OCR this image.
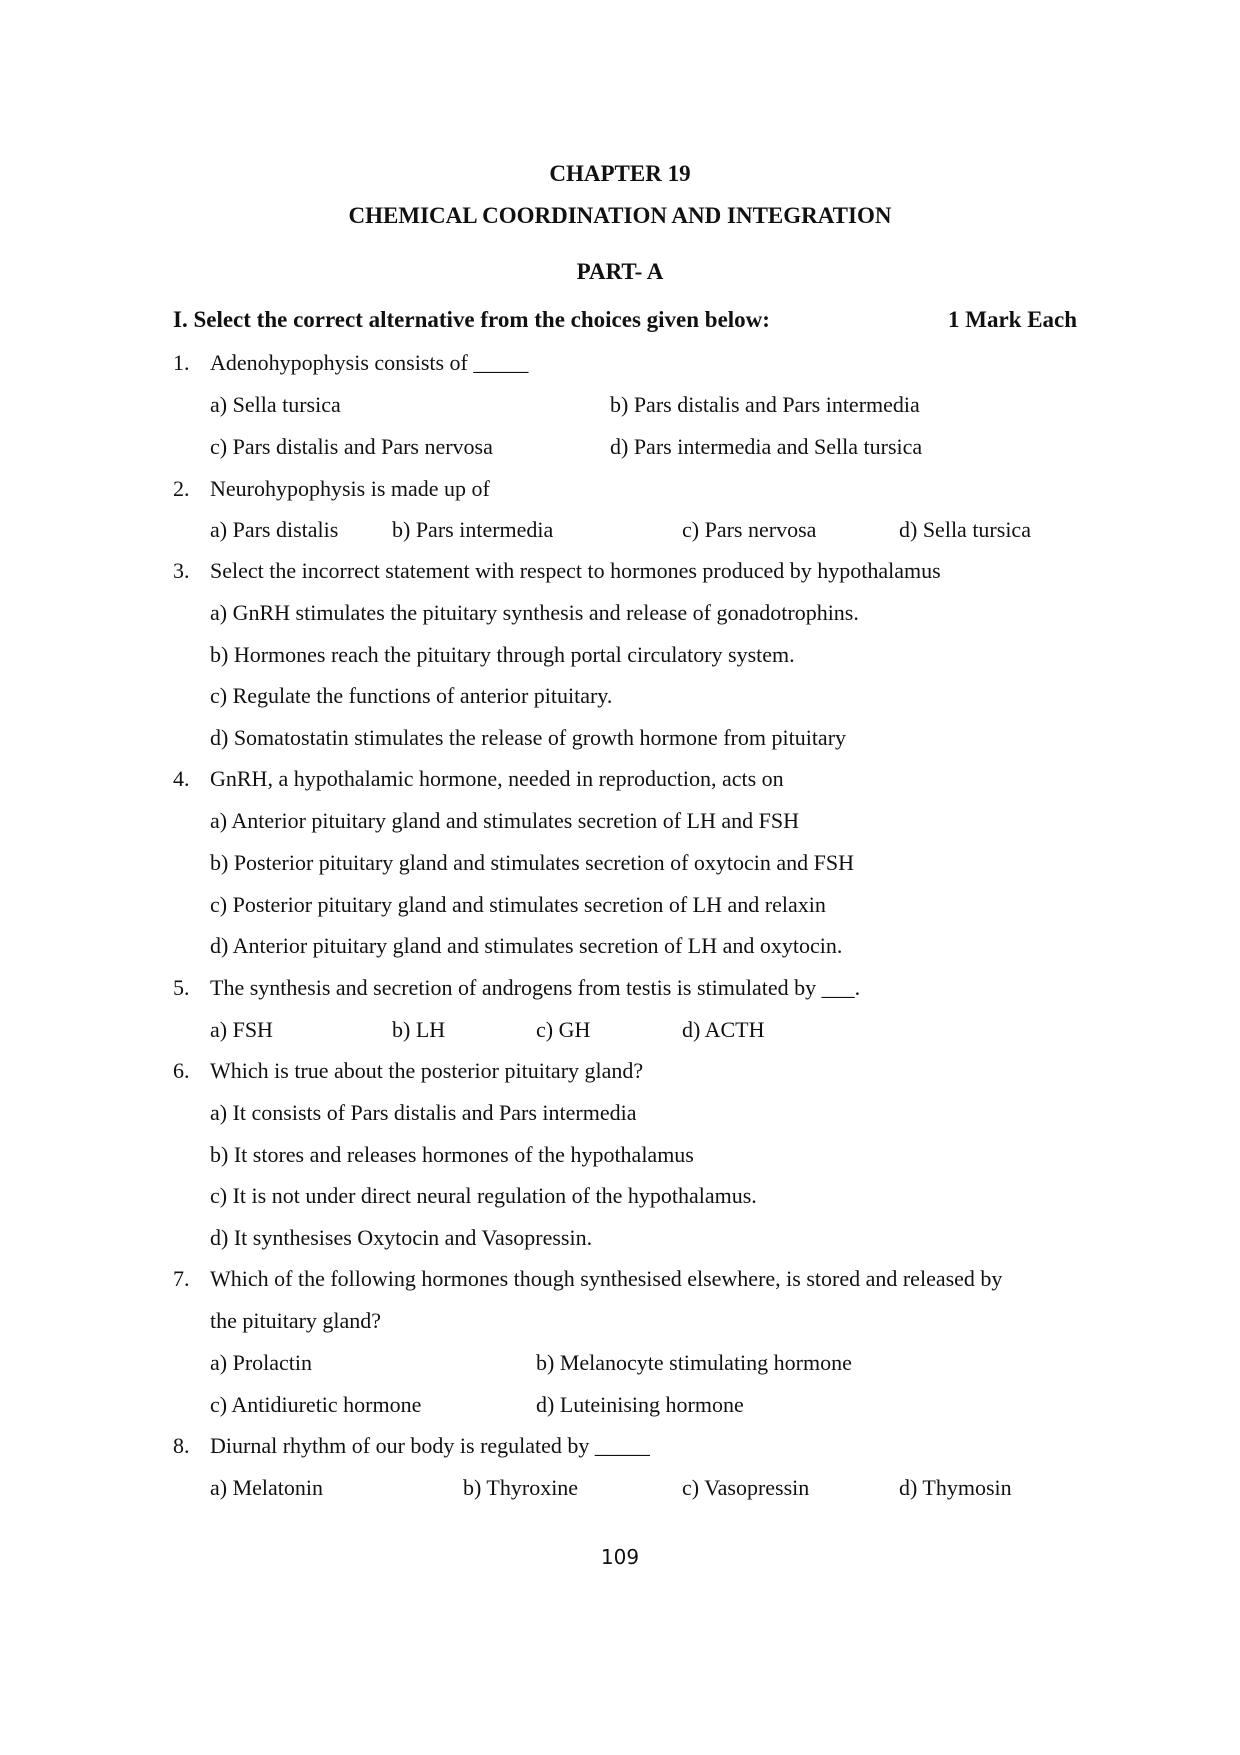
CHAPTER 19
CHEMICAL COORDINATION AND INTEGRATION
PART- A
I. Select the correct alternative from the choices given below:	1 Mark Each
1. Adenohypophysis consists of _____
a) Sella tursica	b) Pars distalis and Pars intermedia
c) Pars distalis and Pars nervosa	d) Pars intermedia and Sella tursica
2. Neurohypophysis is made up of
a) Pars distalis b) Pars intermedia	c) Pars nervosa	d) Sella tursica
3. Select the incorrect statement with respect to hormones produced by hypothalamus
a) GnRH stimulates the pituitary synthesis and release of gonadotrophins.
b) Hormones reach the pituitary through portal circulatory system.
c) Regulate the functions of anterior pituitary.
d) Somatostatin stimulates the release of growth hormone from pituitary
4. GnRH, a hypothalamic hormone, needed in reproduction, acts on
a) Anterior pituitary gland and stimulates secretion of LH and FSH
b) Posterior pituitary gland and stimulates secretion of oxytocin and FSH
c) Posterior pituitary gland and stimulates secretion of LH and relaxin
d) Anterior pituitary gland and stimulates secretion of LH and oxytocin.
5. The synthesis and secretion of androgens from testis is stimulated by ___.
a) FSH	b) LH	c) GH	d) ACTH
6. Which is true about the posterior pituitary gland?
a) It consists of Pars distalis and Pars intermedia
b) It stores and releases hormones of the hypothalamus
c) It is not under direct neural regulation of the hypothalamus.
d) It synthesises Oxytocin and Vasopressin.
7. Which of the following hormones though synthesised elsewhere, is stored and released by
the pituitary gland?
a) Prolactin	b) Melanocyte stimulating hormone
c) Antidiuretic hormone	d) Luteinising hormone
8. Diurnal rhythm of our body is regulated by _____
a) Melatonin	b) Thyroxine	c) Vasopressin	d) Thymosin
109
